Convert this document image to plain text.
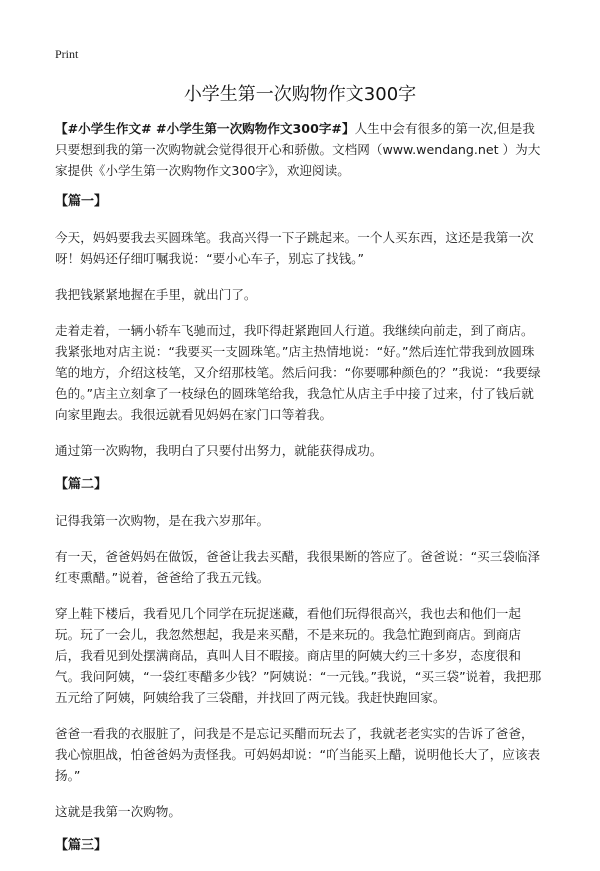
Print
小学生第一次购物作文300字

【#小学生作文# #小学生第一次购物作文300字#】人生中会有很多的第一次,但是我只要想到我的第一次购物就会觉得很开心和骄傲。文档网（www.wendang.net ）为大家提供《小学生第一次购物作文300字》，欢迎阅读。

【篇一】

今天，妈妈要我去买圆珠笔。我高兴得一下子跳起来。一个人买东西，这还是我第一次呀！妈妈还仔细叮嘱我说：“要小心车子，别忘了找钱。”

我把钱紧紧地握在手里，就出门了。

走着走着，一辆小轿车飞驰而过，我吓得赶紧跑回人行道。我继续向前走，到了商店。我紧张地对店主说：“我要买一支圆珠笔。”店主热情地说：“好。”然后连忙带我到放圆珠笔的地方，介绍这枝笔，又介绍那枝笔。然后问我：“你要哪种颜色的？”我说：“我要绿色的。”店主立刻拿了一枝绿色的圆珠笔给我，我急忙从店主手中接了过来，付了钱后就向家里跑去。我很远就看见妈妈在家门口等着我。

通过第一次购物，我明白了只要付出努力，就能获得成功。

【篇二】

记得我第一次购物，是在我六岁那年。

有一天，爸爸妈妈在做饭，爸爸让我去买醋，我很果断的答应了。爸爸说：“买三袋临泽红枣熏醋。”说着，爸爸给了我五元钱。

穿上鞋下楼后，我看见几个同学在玩捉迷藏，看他们玩得很高兴，我也去和他们一起玩。玩了一会儿，我忽然想起，我是来买醋，不是来玩的。我急忙跑到商店。到商店后，我看见到处摆满商品，真叫人目不暇接。商店里的阿姨大约三十多岁，态度很和气。我问阿姨，“一袋红枣醋多少钱？”阿姨说：“一元钱。”我说，“买三袋”说着，我把那五元给了阿姨，阿姨给我了三袋醋，并找回了两元钱。我赶快跑回家。

爸爸一看我的衣服脏了，问我是不是忘记买醋而玩去了，我就老老实实的告诉了爸爸，我心惊胆战，怕爸爸妈为责怪我。可妈妈却说：“吖当能买上醋，说明他长大了，应该表扬。”

这就是我第一次购物。

【篇三】
